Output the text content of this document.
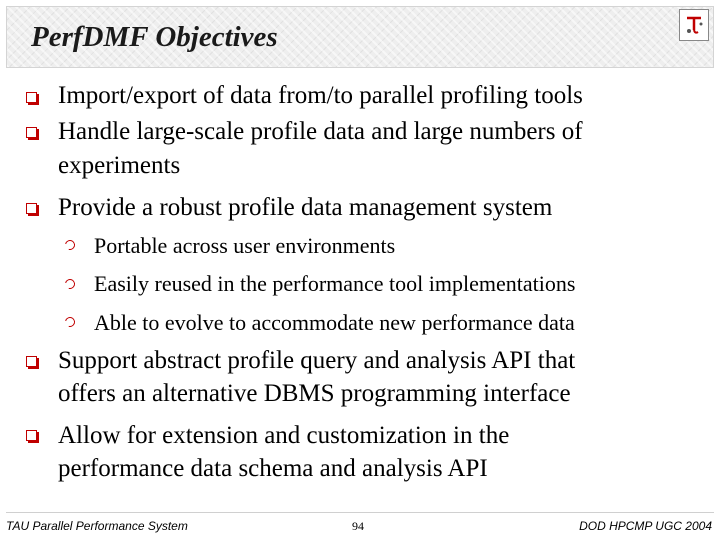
PerfDMF Objectives
Import/export of data from/to parallel profiling tools
Handle large-scale profile data and large numbers of
experiments
Provide a robust profile data management system
Portable across user environments
Easily reused in the performance tool implementations
Able to evolve to accommodate new performance data
Support abstract profile query and analysis API that
offers an alternative DBMS programming interface
Allow for extension and customization in the
performance data schema and analysis API
TAU Parallel Performance System	94	DOD HPCMP UGC 2004
